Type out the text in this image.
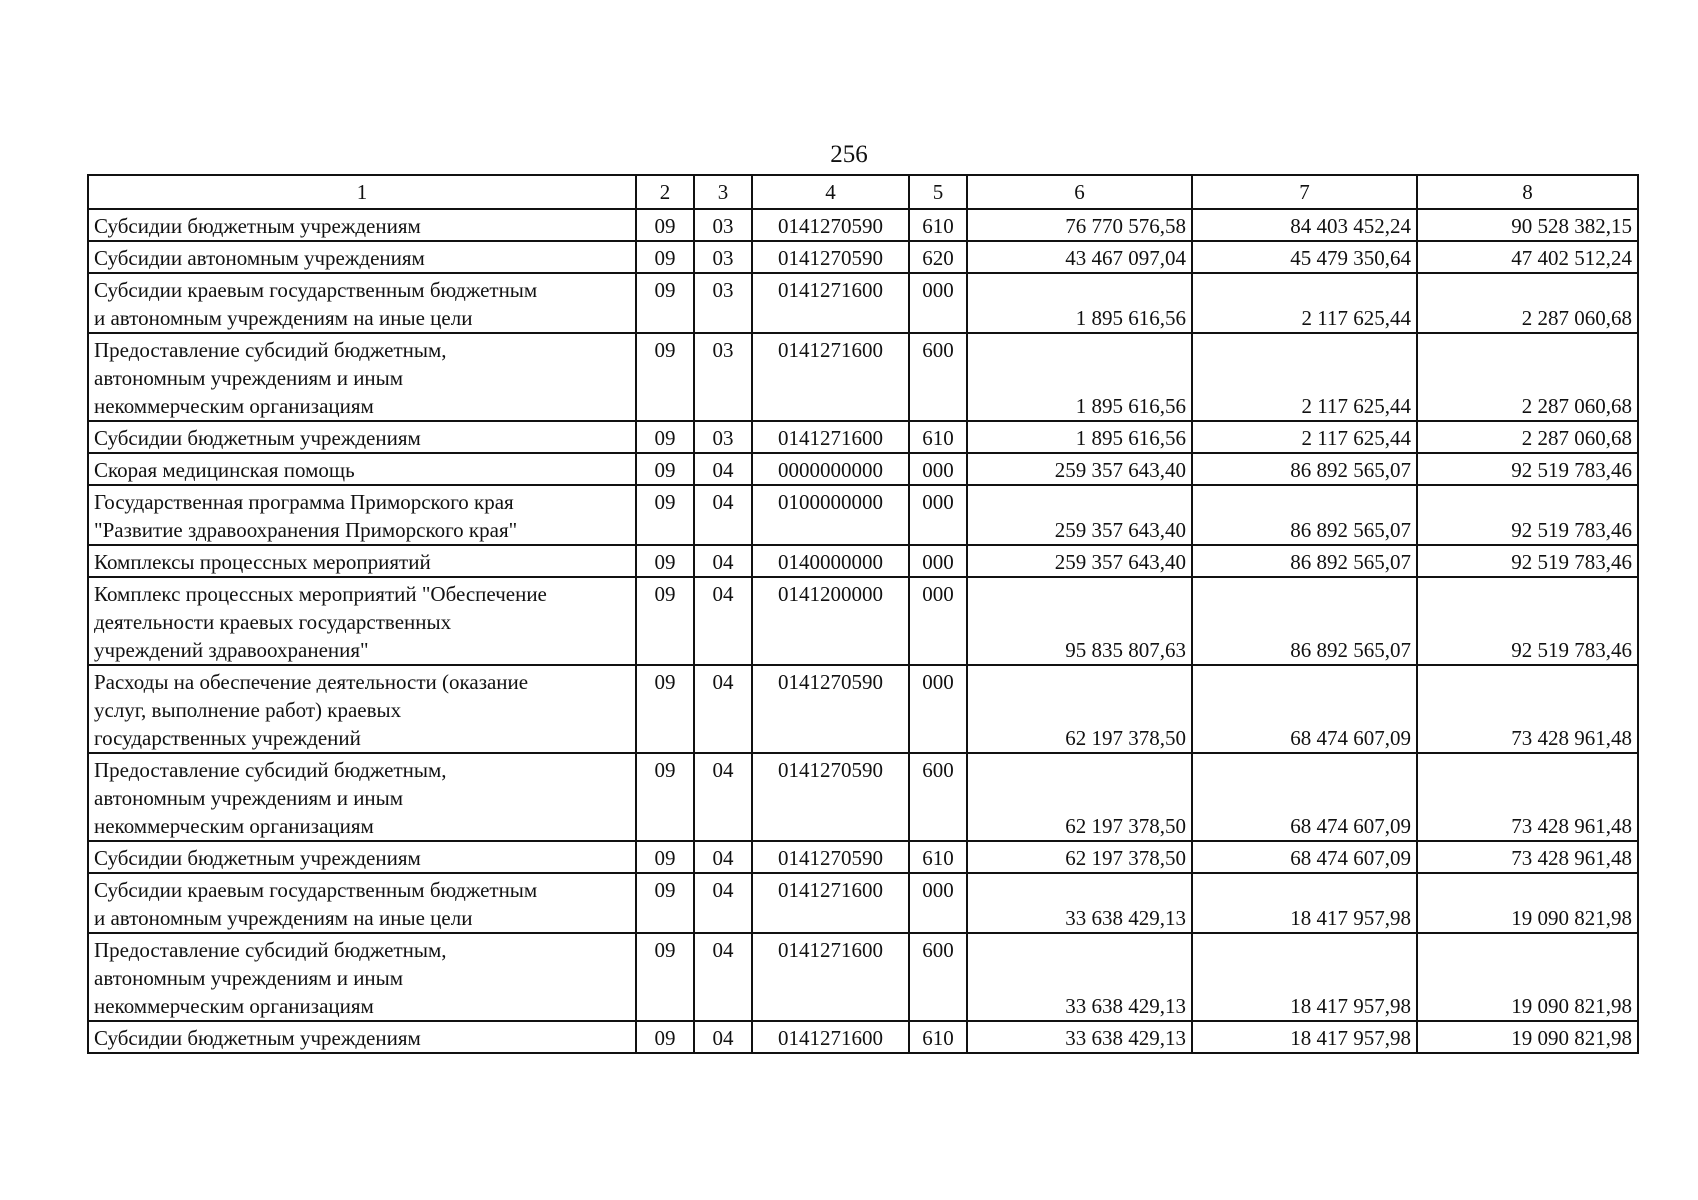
256
1	2	3	4	5	6	7	8
Субсидии бюджетным учреждениям	09	03	0141270590	610	76 770 576,58	84 403 452,24	90 528 382,15
Субсидии автономным учреждениям	09	03	0141270590	620	43 467 097,04	45 479 350,64	47 402 512,24
Субсидии краевым государственным бюджетным
и автономным учреждениям на иные цели	09	03	0141271600	000	1 895 616,56	2 117 625,44	2 287 060,68
Предоставление субсидий бюджетным,
автономным учреждениям и иным
некоммерческим организациям	09	03	0141271600	600	1 895 616,56	2 117 625,44	2 287 060,68
Субсидии бюджетным учреждениям	09	03	0141271600	610	1 895 616,56	2 117 625,44	2 287 060,68
Скорая медицинская помощь	09	04	0000000000	000	259 357 643,40	86 892 565,07	92 519 783,46
Государственная программа Приморского края
"Развитие здравоохранения Приморского края"	09	04	0100000000	000	259 357 643,40	86 892 565,07	92 519 783,46
Комплексы процессных мероприятий	09	04	0140000000	000	259 357 643,40	86 892 565,07	92 519 783,46
Комплекс процессных мероприятий "Обеспечение
деятельности краевых государственных
учреждений здравоохранения"	09	04	0141200000	000	95 835 807,63	86 892 565,07	92 519 783,46
Расходы на обеспечение деятельности (оказание
услуг, выполнение работ) краевых
государственных учреждений	09	04	0141270590	000	62 197 378,50	68 474 607,09	73 428 961,48
Предоставление субсидий бюджетным,
автономным учреждениям и иным
некоммерческим организациям	09	04	0141270590	600	62 197 378,50	68 474 607,09	73 428 961,48
Субсидии бюджетным учреждениям	09	04	0141270590	610	62 197 378,50	68 474 607,09	73 428 961,48
Субсидии краевым государственным бюджетным
и автономным учреждениям на иные цели	09	04	0141271600	000	33 638 429,13	18 417 957,98	19 090 821,98
Предоставление субсидий бюджетным,
автономным учреждениям и иным
некоммерческим организациям	09	04	0141271600	600	33 638 429,13	18 417 957,98	19 090 821,98
Субсидии бюджетным учреждениям	09	04	0141271600	610	33 638 429,13	18 417 957,98	19 090 821,98
